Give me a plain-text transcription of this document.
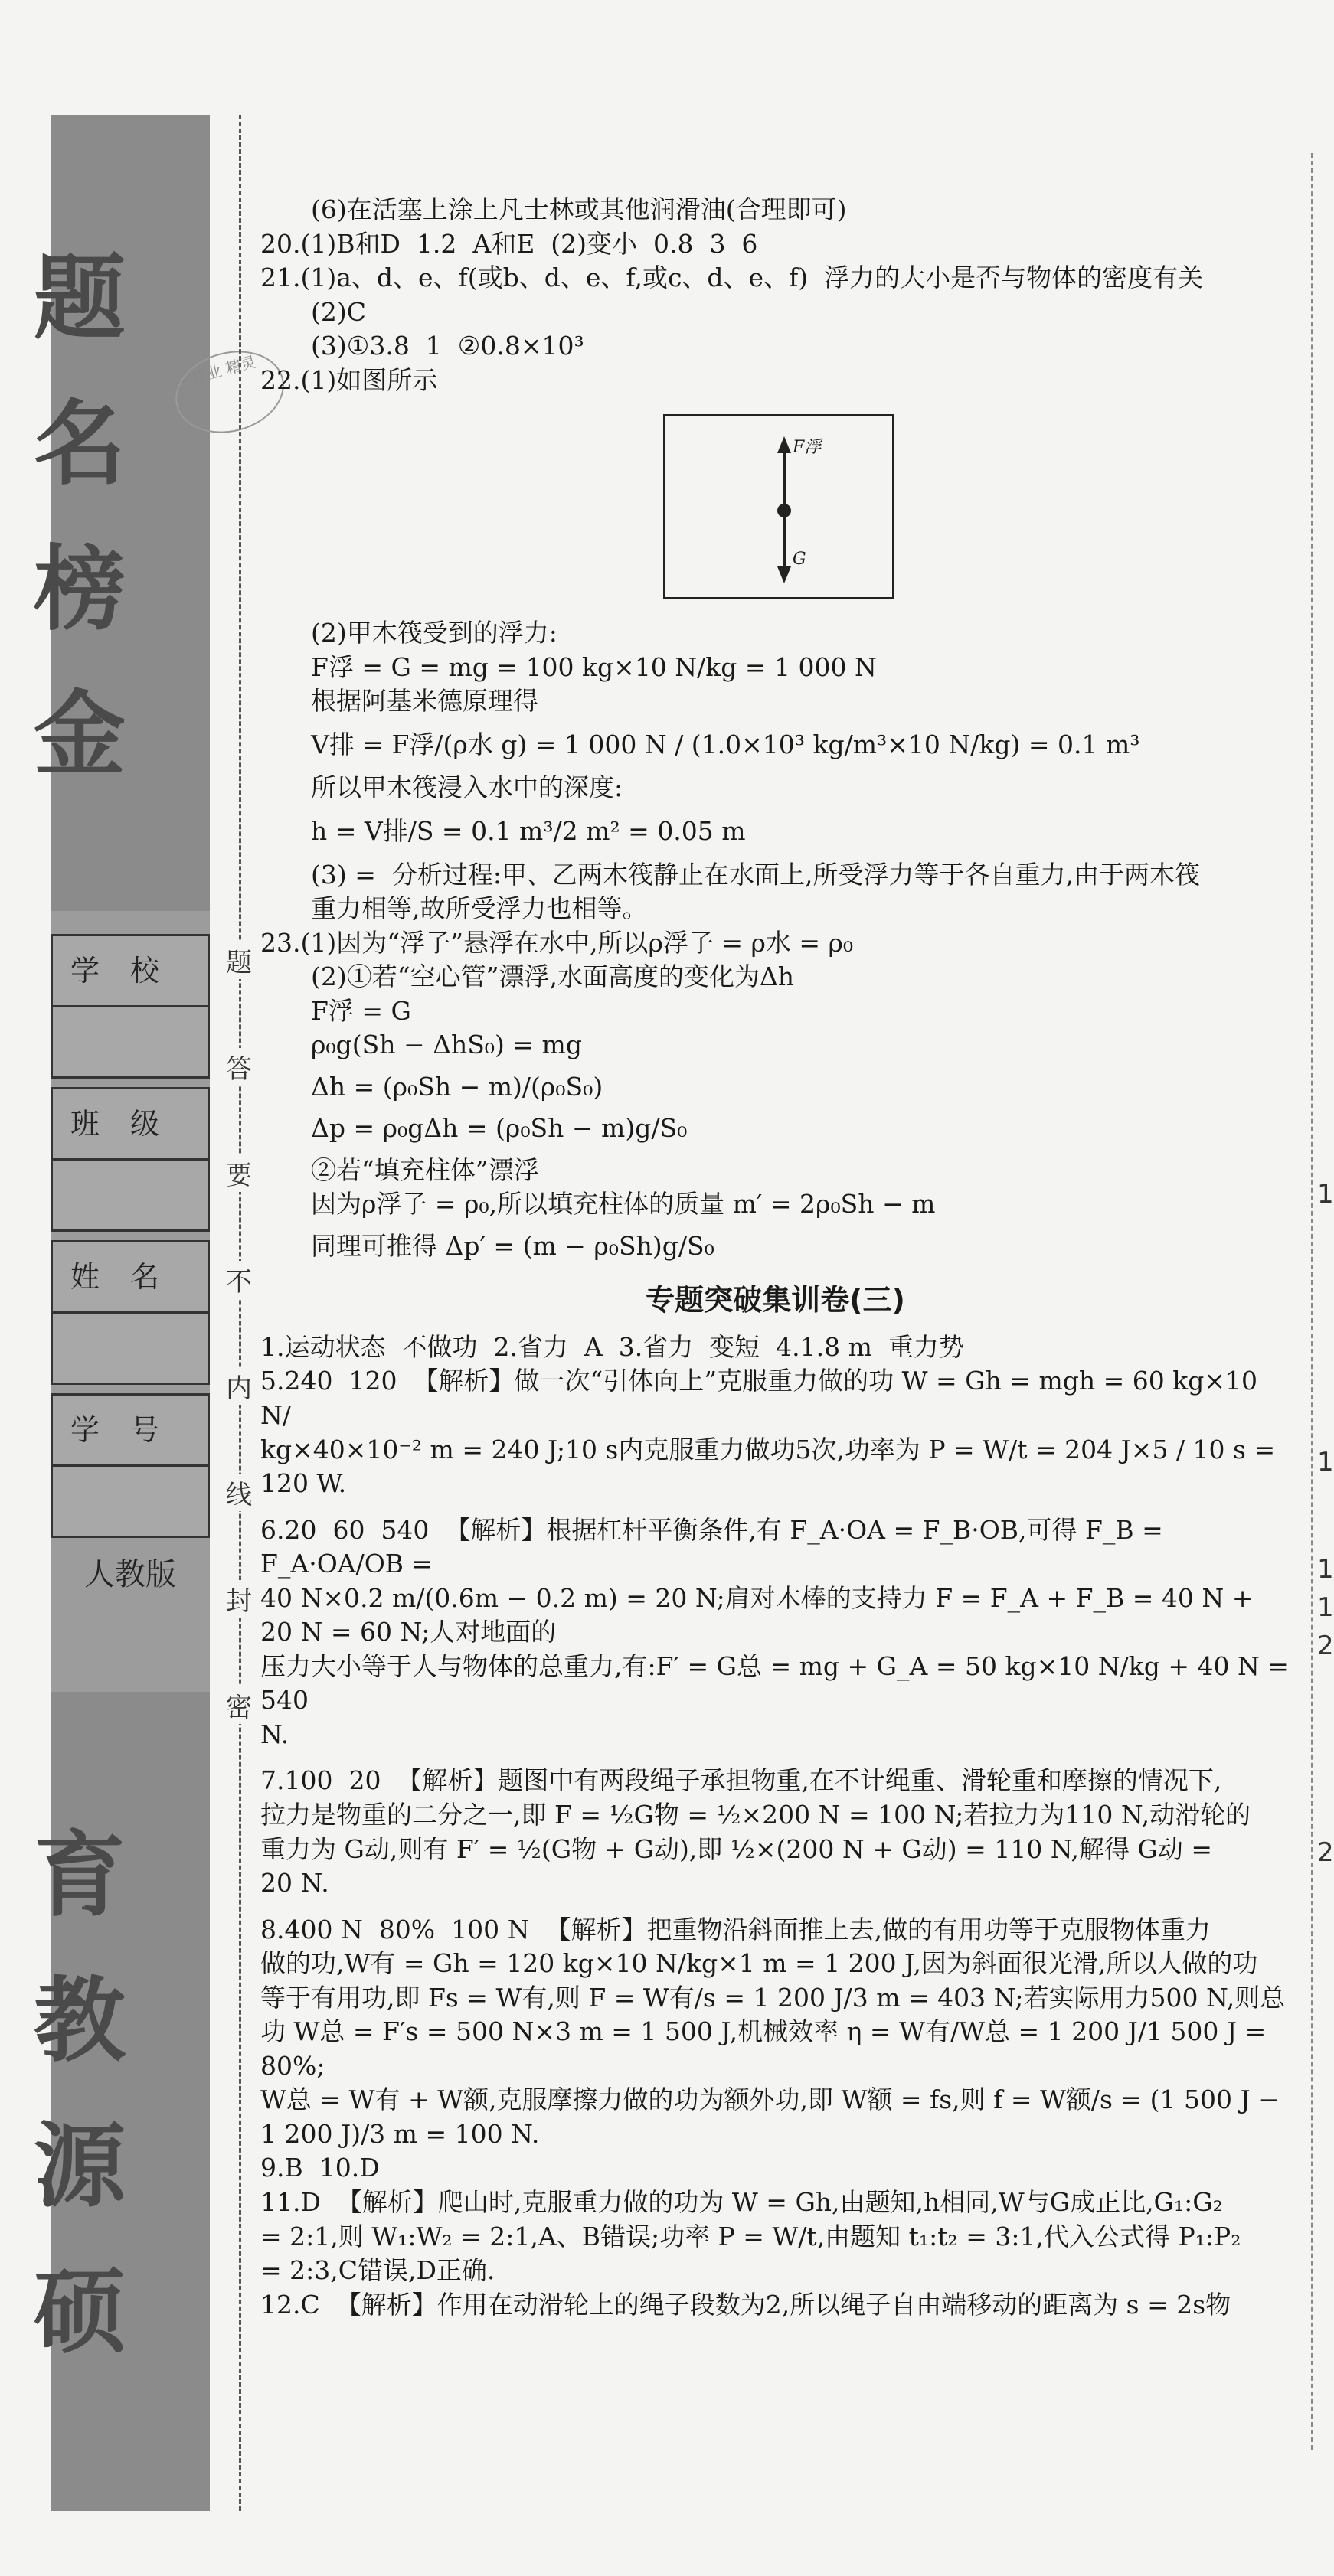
题
名
榜
金
作业 精灵
学校
班级
姓名
学号
人教版
育
教
源
硕
题
答
要
不
内
线
封
密
1
1
1
1
2
2

(6)在活塞上涂上凡士林或其他润滑油(合理即可)

20.(1)B和D  1.2  A和E  (2)变小  0.8  3  6

21.(1)a、d、e、f(或b、d、e、f,或c、d、e、f)  浮力的大小是否与物体的密度有关

(2)C

(3)①3.8  1  ②0.8×10³

22.(1)如图所示

F浮
G

(2)甲木筏受到的浮力:

F浮 = G = mg = 100 kg×10 N/kg = 1 000 N

根据阿基米德原理得

V排 = F浮/(ρ水 g) = 1 000 N / (1.0×10³ kg/m³×10 N/kg) = 0.1 m³

所以甲木筏浸入水中的深度:

h = V排/S = 0.1 m³/2 m² = 0.05 m

(3) =  分析过程:甲、乙两木筏静止在水面上,所受浮力等于各自重力,由于两木筏

重力相等,故所受浮力也相等。

23.(1)因为“浮子”悬浮在水中,所以ρ浮子 = ρ水 = ρ₀

(2)①若“空心管”漂浮,水面高度的变化为Δh

F浮 = G

ρ₀g(Sh − ΔhS₀) = mg

Δh = (ρ₀Sh − m)/(ρ₀S₀)

Δp = ρ₀gΔh = (ρ₀Sh − m)g/S₀

②若“填充柱体”漂浮

因为ρ浮子 = ρ₀,所以填充柱体的质量 m′ = 2ρ₀Sh − m

同理可推得 Δp′ = (m − ρ₀Sh)g/S₀

专题突破集训卷(三)

1.运动状态  不做功  2.省力  A  3.省力  变短  4.1.8 m  重力势

5.240  120  【解析】做一次“引体向上”克服重力做的功 W = Gh = mgh = 60 kg×10 N/

kg×40×10⁻² m = 240 J;10 s内克服重力做功5次,功率为 P = W/t = 204 J×5 / 10 s = 120 W.

6.20  60  540  【解析】根据杠杆平衡条件,有 F_A·OA = F_B·OB,可得 F_B = F_A·OA/OB =

40 N×0.2 m/(0.6m − 0.2 m) = 20 N;肩对木棒的支持力 F = F_A + F_B = 40 N + 20 N = 60 N;人对地面的

压力大小等于人与物体的总重力,有:F′ = G总 = mg + G_A = 50 kg×10 N/kg + 40 N = 540

N.

7.100  20  【解析】题图中有两段绳子承担物重,在不计绳重、滑轮重和摩擦的情况下,

拉力是物重的二分之一,即 F = ½G物 = ½×200 N = 100 N;若拉力为110 N,动滑轮的

重力为 G动,则有 F′ = ½(G物 + G动),即 ½×(200 N + G动) = 110 N,解得 G动 =

20 N.

8.400 N  80%  100 N  【解析】把重物沿斜面推上去,做的有用功等于克服物体重力

做的功,W有 = Gh = 120 kg×10 N/kg×1 m = 1 200 J,因为斜面很光滑,所以人做的功

等于有用功,即 Fs = W有,则 F = W有/s = 1 200 J/3 m = 403 N;若实际用力500 N,则总

功 W总 = F′s = 500 N×3 m = 1 500 J,机械效率 η = W有/W总 = 1 200 J/1 500 J = 80%;

W总 = W有 + W额,克服摩擦力做的功为额外功,即 W额 = fs,则 f = W额/s = (1 500 J −

1 200 J)/3 m = 100 N.

9.B  10.D

11.D  【解析】爬山时,克服重力做的功为 W = Gh,由题知,h相同,W与G成正比,G₁:G₂

= 2:1,则 W₁:W₂ = 2:1,A、B错误;功率 P = W/t,由题知 t₁:t₂ = 3:1,代入公式得 P₁:P₂

= 2:3,C错误,D正确.

12.C  【解析】作用在动滑轮上的绳子段数为2,所以绳子自由端移动的距离为 s = 2s物
